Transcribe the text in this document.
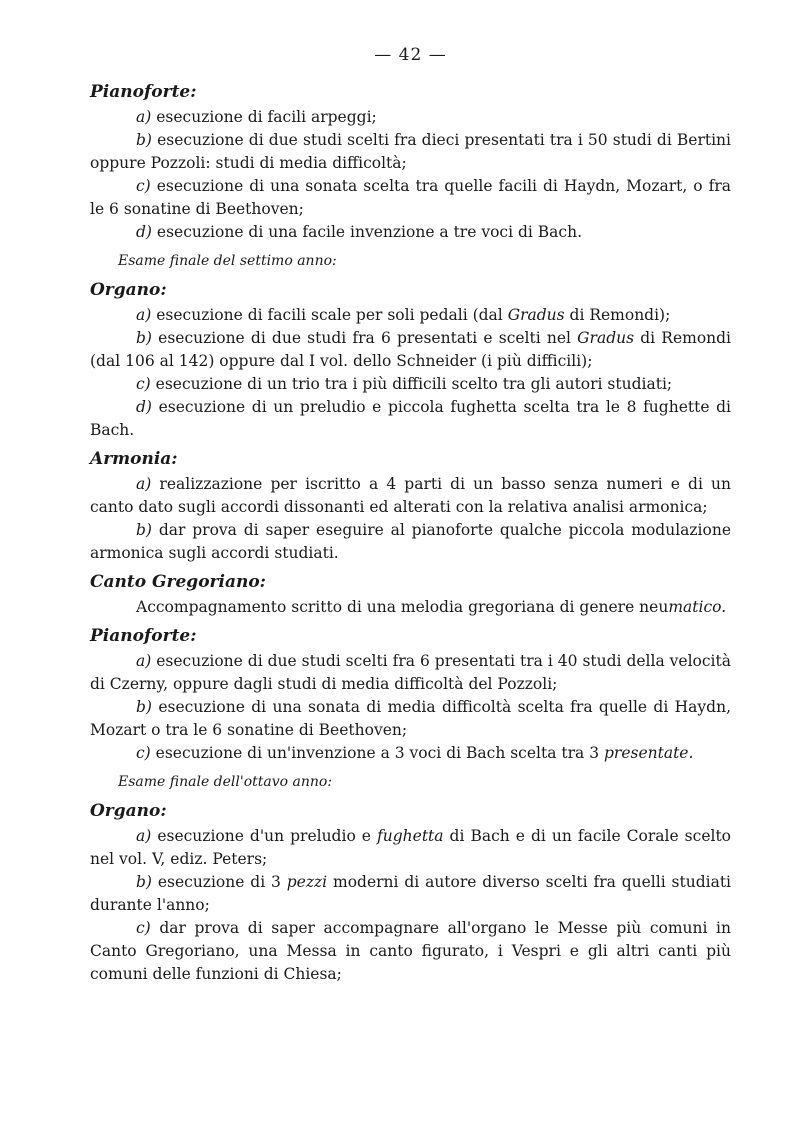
— 42 —
Pianoforte:

a) esecuzione di facili arpeggi;

b) esecuzione di due studi scelti fra dieci presentati tra i 50 studi di Bertini oppure Pozzoli: studi di media difficoltà;

c) esecuzione di una sonata scelta tra quelle facili di Haydn, Mozart, o fra le 6 sonatine di Beethoven;

d) esecuzione di una facile invenzione a tre voci di Bach.

Esame finale del settimo anno:
Organo:

a) esecuzione di facili scale per soli pedali (dal Gradus di Remondi);

b) esecuzione di due studi fra 6 presentati e scelti nel Gradus di Remondi (dal 106 al 142) oppure dal I vol. dello Schneider (i più difficili);

c) esecuzione di un trio tra i più difficili scelto tra gli autori studiati;

d) esecuzione di un preludio e piccola fughetta scelta tra le 8 fughette di Bach.

Armonia:

a) realizzazione per iscritto a 4 parti di un basso senza numeri e di un canto dato sugli accordi dissonanti ed alterati con la relativa analisi armonica;

b) dar prova di saper eseguire al pianoforte qualche piccola modulazione armonica sugli accordi studiati.

Canto Gregoriano:

Accompagnamento scritto di una melodia gregoriana di genere neumatico.

Pianoforte:

a) esecuzione di due studi scelti fra 6 presentati tra i 40 studi della velocità di Czerny, oppure dagli studi di media difficoltà del Pozzoli;

b) esecuzione di una sonata di media difficoltà scelta fra quelle di Haydn, Mozart o tra le 6 sonatine di Beethoven;

c) esecuzione di un'invenzione a 3 voci di Bach scelta tra 3 presentate.

Esame finale dell'ottavo anno:
Organo:

a) esecuzione d'un preludio e fughetta di Bach e di un facile Corale scelto nel vol. V, ediz. Peters;

b) esecuzione di 3 pezzi moderni di autore diverso scelti fra quelli studiati durante l'anno;

c) dar prova di saper accompagnare all'organo le Messe più comuni in Canto Gregoriano, una Messa in canto figurato, i Vespri e gli altri canti più comuni delle funzioni di Chiesa;
